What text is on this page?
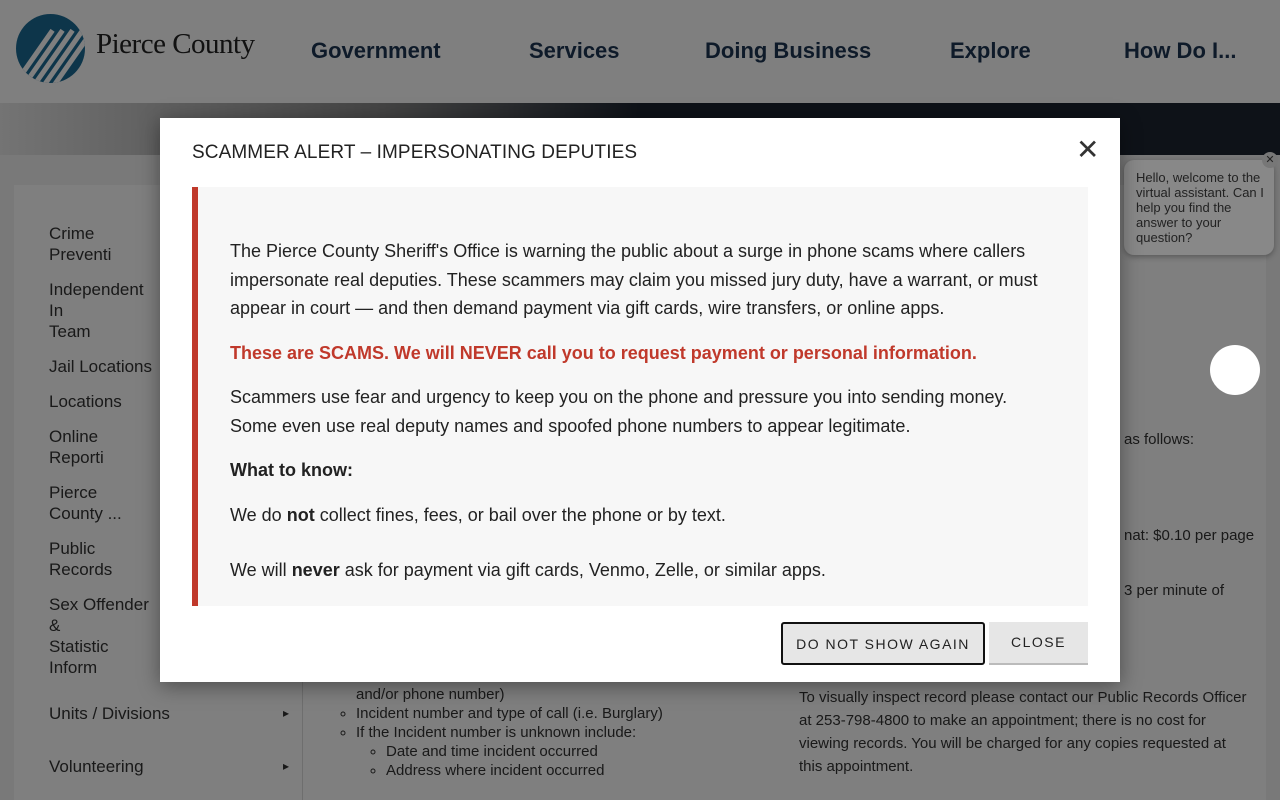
◦
◦
◦
◦
Hello, welcome to the virtual assistant. Can I help you find the answer to your question?
✕
SCAMMER ALERT – IMPERSONATING DEPUTIES	✕

The Pierce County Sheriff's Office is warning the public about a surge in phone scams where callers impersonate real deputies. These scammers may claim you missed jury duty, have a warrant, or must appear in court — and then demand payment via gift cards, wire transfers, or online apps.

These are SCAMS. We will NEVER call you to request payment or personal information.

Scammers use fear and urgency to keep you on the phone and pressure you into sending money. Some even use real deputy names and spoofed phone numbers to appear legitimate.

What to know:

We do not collect fines, fees, or bail over the phone or by text.

We will never ask for payment via gift cards, Venmo, Zelle, or similar apps.

DO NOT SHOW AGAIN	CLOSE
